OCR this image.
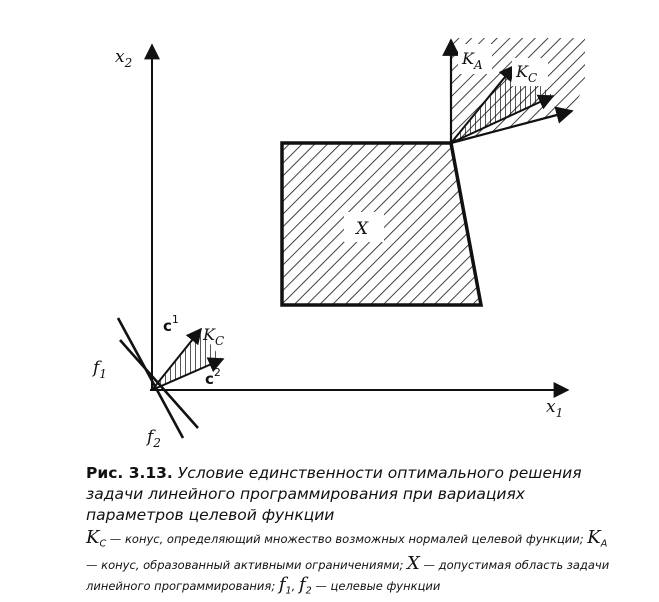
X
$K_A$ $K_C$
$c^1$
$c^2$
$K_C$
$f_1$
$f_2$
$x_2$
$x_1$

Рис. 3.13. Условие единственности оптимального решения задачи линейного программирования при вариациях параметров целевой функции

$K_C$ — конус, определяющий множество возможных нормалей целевой функции; $K_A$ — конус, образованный активными ограничениями; X — допустимая область задачи линейного программирования; $f_1$, $f_2$ — целевые функции
